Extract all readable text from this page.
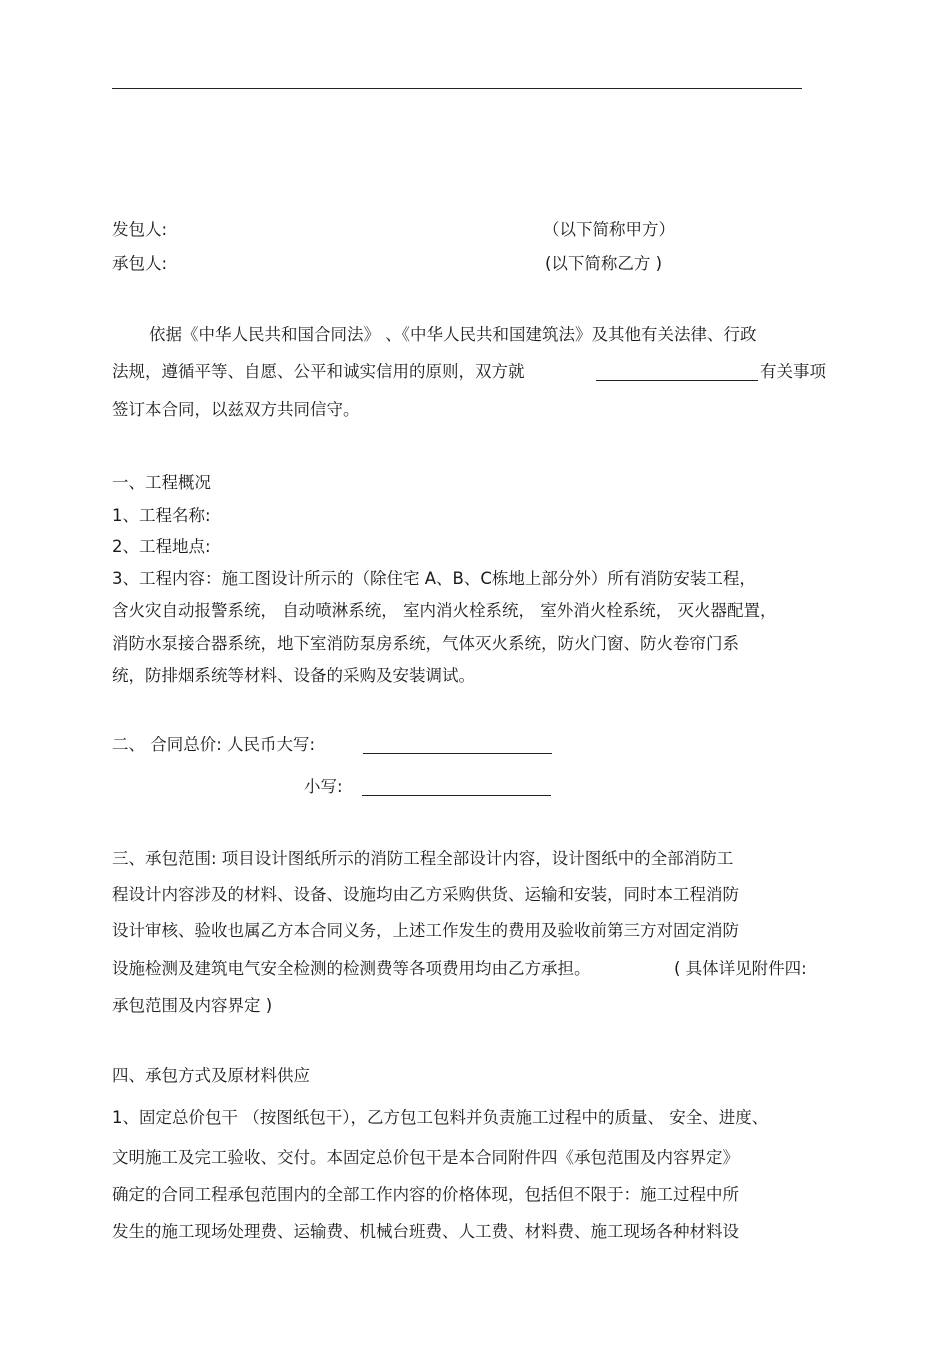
发包人:	（以下简称甲方）
承包人:	(以下简称乙方 )
依据《中华人民共和国合同法》 、《中华人民共和国建筑法》及其他有关法律、行政
法规，遵循平等、自愿、公平和诚实信用的原则，双方就	有关事项
签订本合同，以兹双方共同信守。
一、工程概况
1、工程名称:
2、工程地点:
3、工程内容：施工图设计所示的（除住宅 A、B、C栋地上部分外）所有消防安装工程，
含火灾自动报警系统， 自动喷淋系统， 室内消火栓系统， 室外消火栓系统， 灭火器配置，
消防水泵接合器系统，地下室消防泵房系统，气体灭火系统，防火门窗、防火卷帘门系
统，防排烟系统等材料、设备的采购及安装调试。
二、 合同总价: 人民币大写:
小写:
三、承包范围: 项目设计图纸所示的消防工程全部设计内容，设计图纸中的全部消防工
程设计内容涉及的材料、设备、设施均由乙方采购供货、运输和安装，同时本工程消防
设计审核、验收也属乙方本合同义务，上述工作发生的费用及验收前第三方对固定消防
设施检测及建筑电气安全检测的检测费等各项费用均由乙方承担。	( 具体详见附件四:
承包范围及内容界定 )
四、承包方式及原材料供应
1、固定总价包干 （按图纸包干），乙方包工包料并负责施工过程中的质量、 安全、进度、
文明施工及完工验收、交付。本固定总价包干是本合同附件四《承包范围及内容界定》
确定的合同工程承包范围内的全部工作内容的价格体现，包括但不限于：施工过程中所
发生的施工现场处理费、运输费、机械台班费、人工费、材料费、施工现场各种材料设
